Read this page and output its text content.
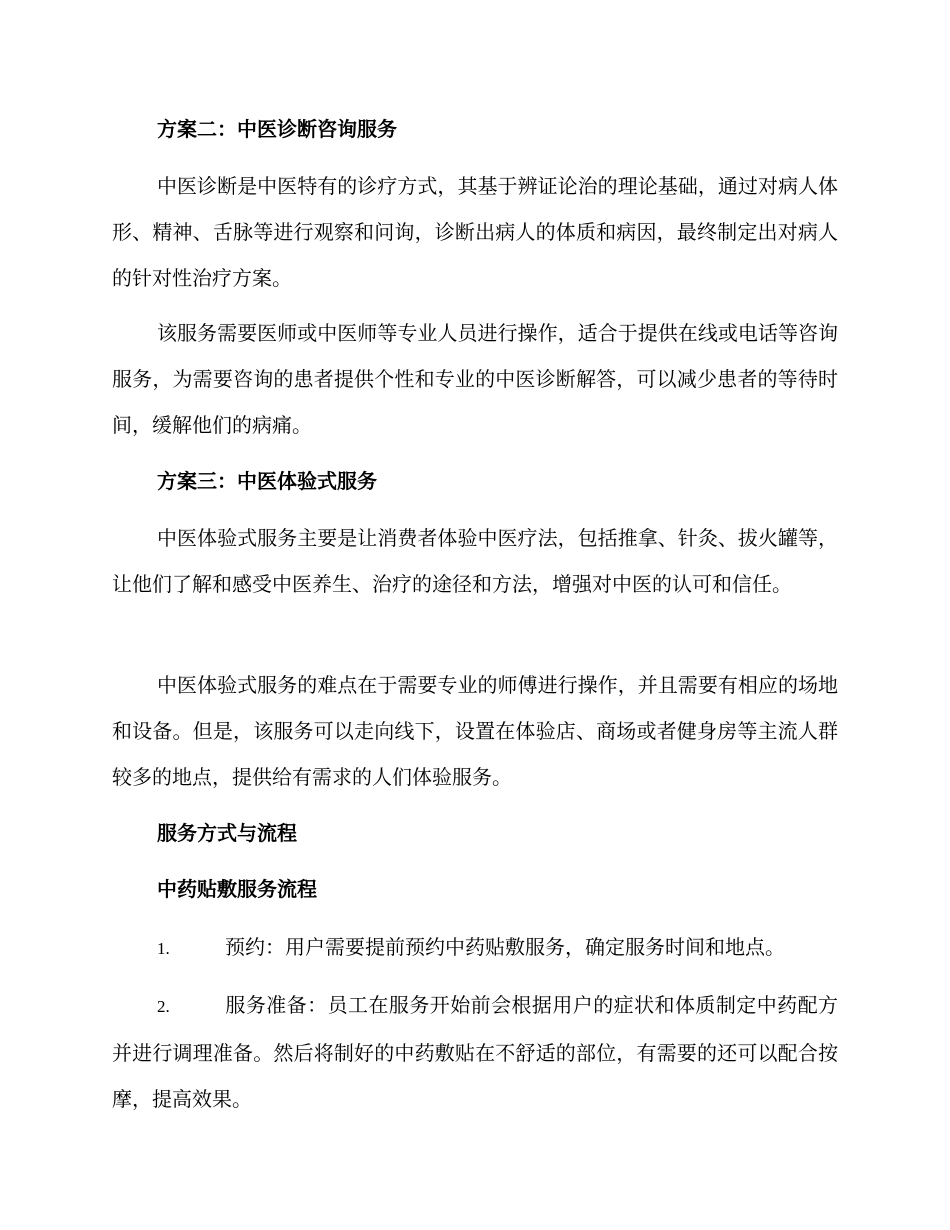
方案二：中医诊断咨询服务

中医诊断是中医特有的诊疗方式，其基于辨证论治的理论基础，通过对病人体形、精神、舌脉等进行观察和问询，诊断出病人的体质和病因，最终制定出对病人的针对性治疗方案。

该服务需要医师或中医师等专业人员进行操作，适合于提供在线或电话等咨询服务，为需要咨询的患者提供个性和专业的中医诊断解答，可以减少患者的等待时间，缓解他们的病痛。

方案三：中医体验式服务

中医体验式服务主要是让消费者体验中医疗法，包括推拿、针灸、拔火罐等，让他们了解和感受中医养生、治疗的途径和方法，增强对中医的认可和信任。

中医体验式服务的难点在于需要专业的师傅进行操作，并且需要有相应的场地和设备。但是，该服务可以走向线下，设置在体验店、商场或者健身房等主流人群较多的地点，提供给有需求的人们体验服务。

服务方式与流程
中药贴敷服务流程

1.	预约：用户需要提前预约中药贴敷服务，确定服务时间和地点。

2.	服务准备：员工在服务开始前会根据用户的症状和体质制定中药配方并进行调理准备。然后将制好的中药敷贴在不舒适的部位，有需要的还可以配合按摩，提高效果。
